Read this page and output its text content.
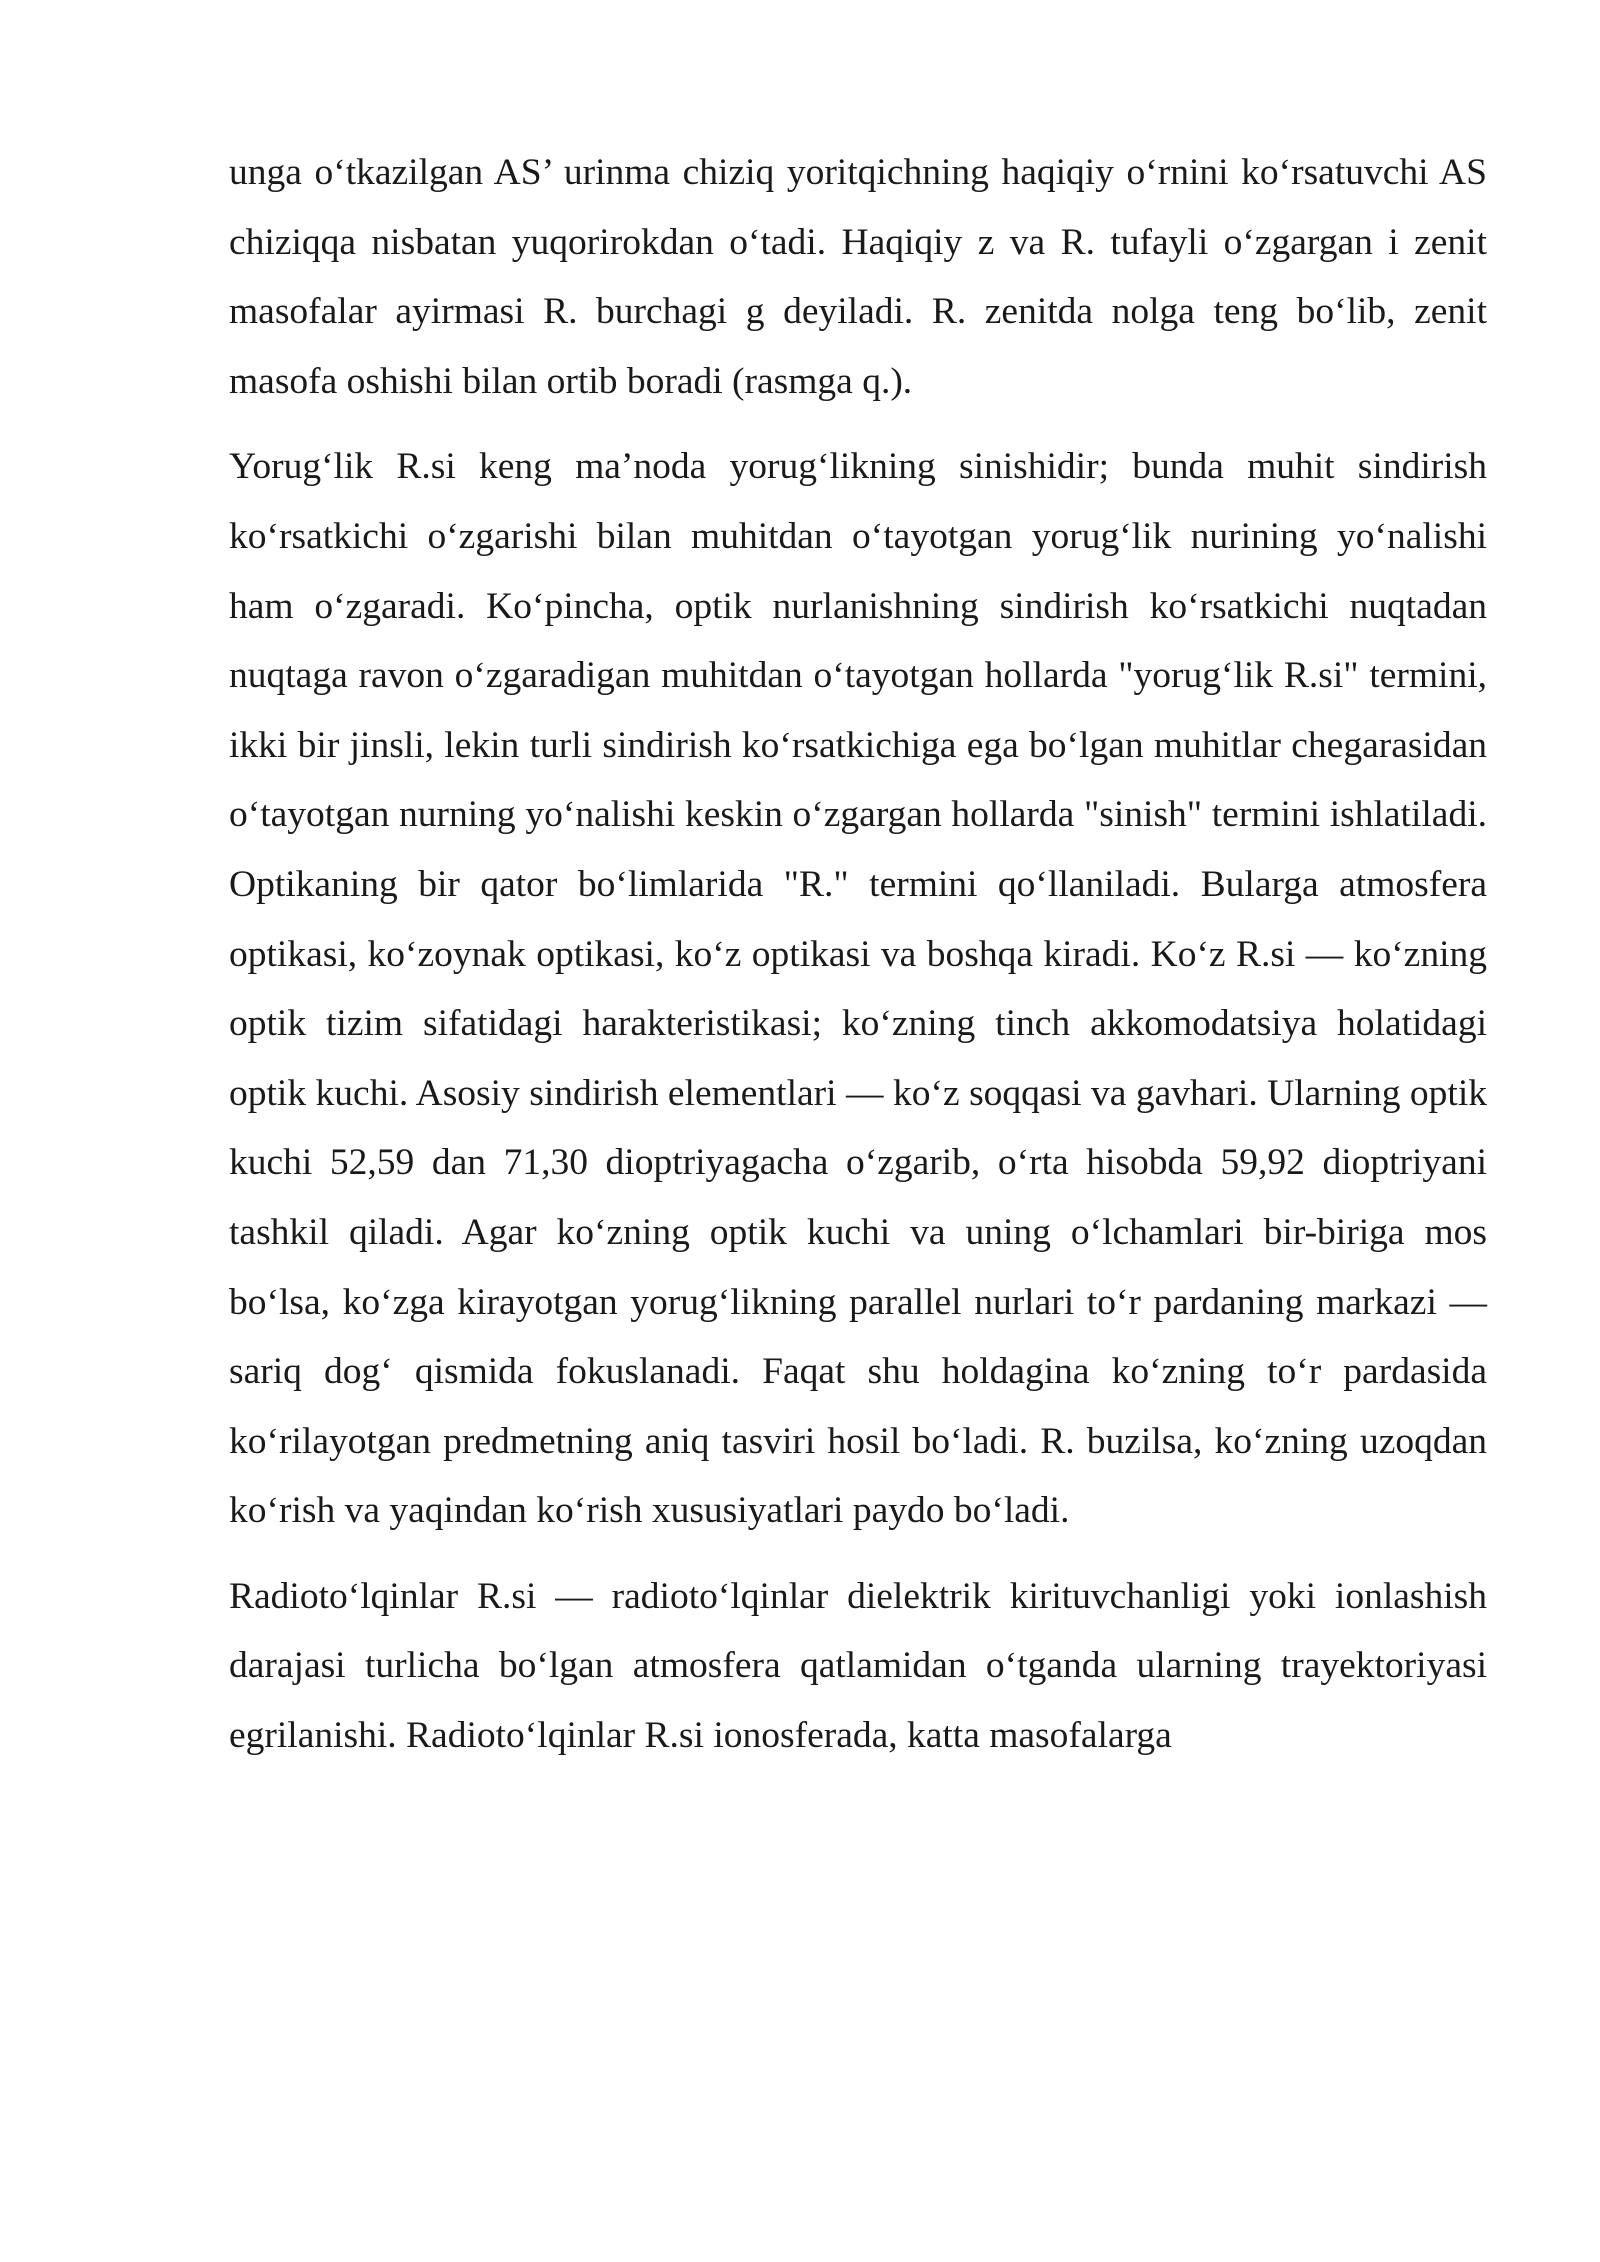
unga o‘tkazilgan AS’ urinma chiziq yoritqichning haqiqiy o‘rnini ko‘rsatuvchi AS chiziqqa nisbatan yuqorirokdan o‘tadi. Haqiqiy z va R. tufayli o‘zgargan i zenit masofalar ayirmasi R. burchagi g deyiladi. R. zenitda nolga teng bo‘lib, zenit masofa oshishi bilan ortib boradi (rasmga q.).

Yorug‘lik R.si keng ma’noda yorug‘likning sinishidir; bunda muhit sindirish ko‘rsatkichi o‘zgarishi bilan muhitdan o‘tayotgan yorug‘lik nurining yo‘nalishi ham o‘zgaradi. Ko‘pincha, optik nurlanishning sindirish ko‘rsatkichi nuqtadan nuqtaga ravon o‘zgaradigan muhitdan o‘tayotgan hollarda "yorug‘lik R.si" termini, ikki bir jinsli, lekin turli sindirish ko‘rsatkichiga ega bo‘lgan muhitlar chegarasidan o‘tayotgan nurning yo‘nalishi keskin o‘zgargan hollarda "sinish" termini ishlatiladi. Optikaning bir qator bo‘limlarida "R." termini qo‘llaniladi. Bularga atmosfera optikasi, ko‘zoynak optikasi, ko‘z optikasi va boshqa kiradi. Ko‘z R.si — ko‘zning optik tizim sifatidagi harakteristikasi; ko‘zning tinch akkomodatsiya holatidagi optik kuchi. Asosiy sindirish elementlari — ko‘z soqqasi va gavhari. Ularning optik kuchi 52,59 dan 71,30 dioptriyagacha o‘zgarib, o‘rta hisobda 59,92 dioptriyani tashkil qiladi. Agar ko‘zning optik kuchi va uning o‘lchamlari bir-biriga mos bo‘lsa, ko‘zga kirayotgan yorug‘likning parallel nurlari to‘r pardaning markazi — sariq dog‘ qismida fokuslanadi. Faqat shu holdagina ko‘zning to‘r pardasida ko‘rilayotgan predmetning aniq tasviri hosil bo‘ladi. R. buzilsa, ko‘zning uzoqdan ko‘rish va yaqindan ko‘rish xususiyatlari paydo bo‘ladi.

Radioto‘lqinlar R.si — radioto‘lqinlar dielektrik kirituvchanligi yoki ionlashish darajasi turlicha bo‘lgan atmosfera qatlamidan o‘tganda ularning trayektoriyasi egrilanishi. Radioto‘lqinlar R.si ionosferada, katta masofalarga
